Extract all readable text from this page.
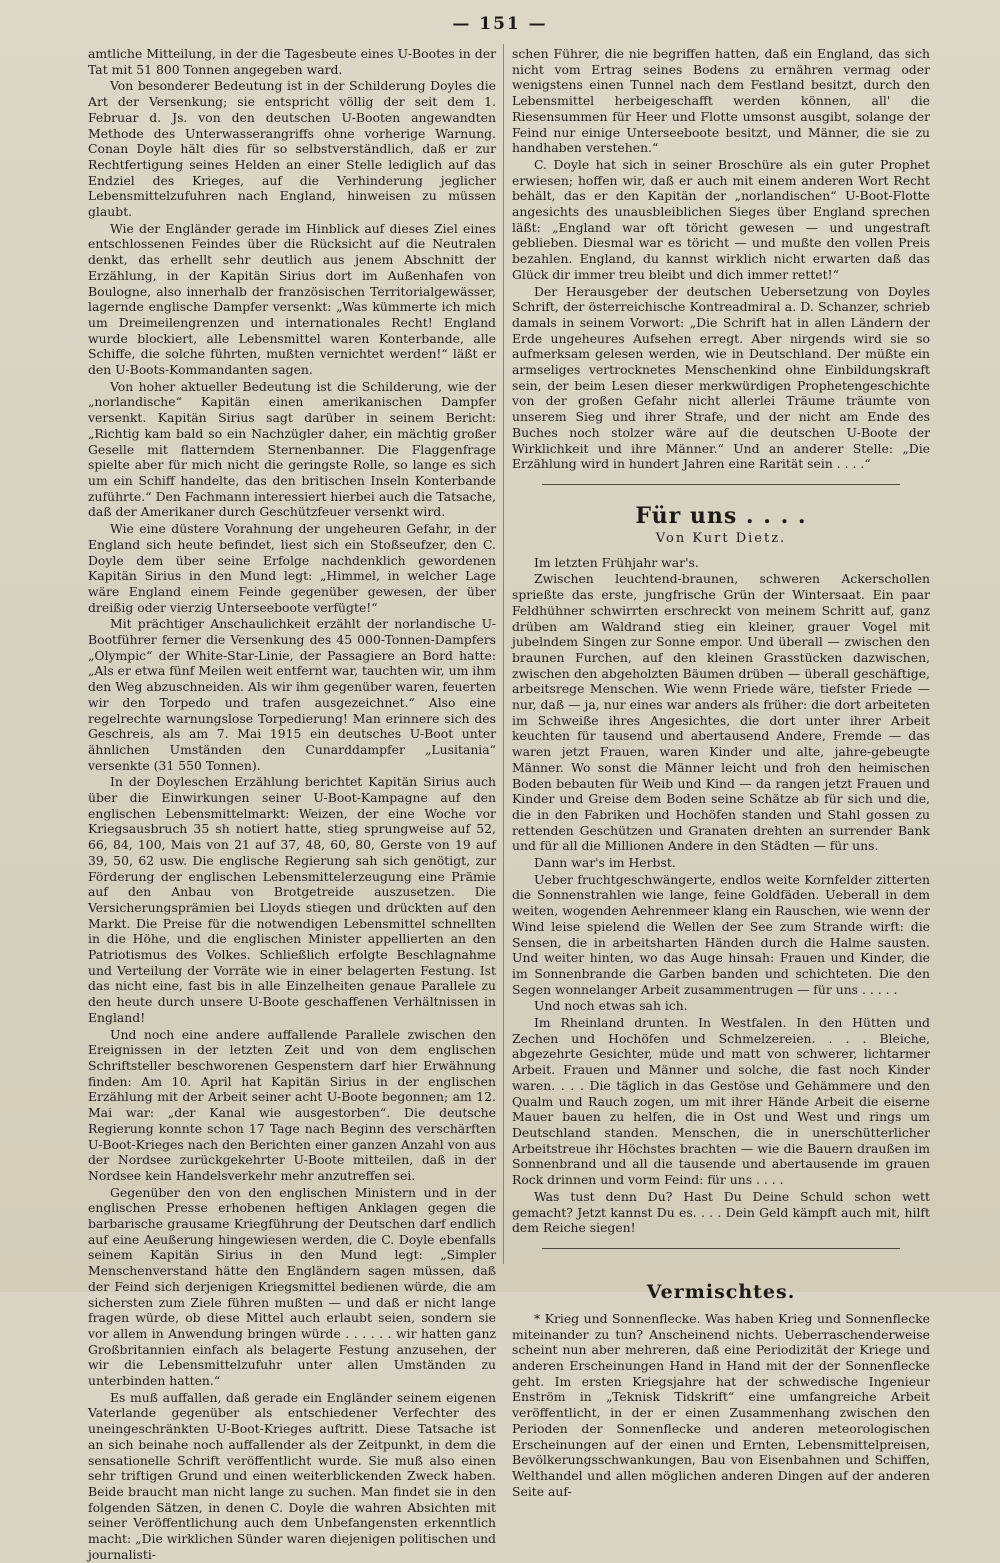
— 151 —

amtliche Mitteilung, in der die Tagesbeute eines U-Bootes in der Tat mit 51 800 Tonnen angegeben ward.

Von besonderer Bedeutung ist in der Schilderung Doyles die Art der Versenkung; sie entspricht völlig der seit dem 1. Februar d. Js. von den deutschen U-Booten angewandten Methode des Unterwasserangriffs ohne vorherige Warnung. Conan Doyle hält dies für so selbstverständlich, daß er zur Rechtfertigung seines Helden an einer Stelle lediglich auf das Endziel des Krieges, auf die Verhinderung jeglicher Lebensmittelzufuhren nach England, hinweisen zu müssen glaubt.

Wie der Engländer gerade im Hinblick auf dieses Ziel eines entschlossenen Feindes über die Rücksicht auf die Neutralen denkt, das erhellt sehr deutlich aus jenem Abschnitt der Erzählung, in der Kapitän Sirius dort im Außenhafen von Boulogne, also innerhalb der französischen Territorialgewässer, lagernde englische Dampfer versenkt: „Was kümmerte ich mich um Dreimeilengrenzen und internationales Recht! England wurde blockiert, alle Lebensmittel waren Konterbande, alle Schiffe, die solche führten, mußten vernichtet werden!“ läßt er den U-Boots-Kommandanten sagen.

Von hoher aktueller Bedeutung ist die Schilderung, wie der „norlandische“ Kapitän einen amerikanischen Dampfer versenkt. Kapitän Sirius sagt darüber in seinem Bericht: „Richtig kam bald so ein Nachzügler daher, ein mächtig großer Geselle mit flatterndem Sternenbanner. Die Flaggenfrage spielte aber für mich nicht die geringste Rolle, so lange es sich um ein Schiff handelte, das den britischen Inseln Konterbande zuführte.“ Den Fachmann interessiert hierbei auch die Tatsache, daß der Amerikaner durch Geschützfeuer versenkt wird.

Wie eine düstere Vorahnung der ungeheuren Gefahr, in der England sich heute befindet, liest sich ein Stoßseufzer, den C. Doyle dem über seine Erfolge nachdenklich gewordenen Kapitän Sirius in den Mund legt: „Himmel, in welcher Lage wäre England einem Feinde gegenüber gewesen, der über dreißig oder vierzig Unterseeboote verfügte!“

Mit prächtiger Anschaulichkeit erzählt der norlandische U-Bootführer ferner die Versenkung des 45 000-Tonnen-Dampfers „Olympic“ der White-Star-Linie, der Passagiere an Bord hatte: „Als er etwa fünf Meilen weit entfernt war, tauchten wir, um ihm den Weg abzuschneiden. Als wir ihm gegenüber waren, feuerten wir den Torpedo und trafen ausgezeichnet.“ Also eine regelrechte warnungslose Torpedierung! Man erinnere sich des Geschreis, als am 7. Mai 1915 ein deutsches U-Boot unter ähnlichen Umständen den Cunarddampfer „Lusitania“ versenkte (31 550 Tonnen).

In der Doyleschen Erzählung berichtet Kapitän Sirius auch über die Einwirkungen seiner U-Boot-Kampagne auf den englischen Lebensmittelmarkt: Weizen, der eine Woche vor Kriegsausbruch 35 sh notiert hatte, stieg sprungweise auf 52, 66, 84, 100, Mais von 21 auf 37, 48, 60, 80, Gerste von 19 auf 39, 50, 62 usw. Die englische Regierung sah sich genötigt, zur Förderung der englischen Lebensmittelerzeugung eine Prämie auf den Anbau von Brotgetreide auszusetzen. Die Versicherungsprämien bei Lloyds stiegen und drückten auf den Markt. Die Preise für die notwendigen Lebensmittel schnellten in die Höhe, und die englischen Minister appellierten an den Patriotismus des Volkes. Schließlich erfolgte Beschlagnahme und Verteilung der Vorräte wie in einer belagerten Festung. Ist das nicht eine, fast bis in alle Einzelheiten genaue Parallele zu den heute durch unsere U-Boote geschaffenen Verhältnissen in England!

Und noch eine andere auffallende Parallele zwischen den Ereignissen in der letzten Zeit und von dem englischen Schriftsteller beschworenen Gespenstern darf hier Erwähnung finden: Am 10. April hat Kapitän Sirius in der englischen Erzählung mit der Arbeit seiner acht U-Boote begonnen; am 12. Mai war: „der Kanal wie ausgestorben“. Die deutsche Regierung konnte schon 17 Tage nach Beginn des verschärften U-Boot-Krieges nach den Berichten einer ganzen Anzahl von aus der Nordsee zurückgekehrter U-Boote mitteilen, daß in der Nordsee kein Handelsverkehr mehr anzutreffen sei.

Gegenüber den von den englischen Ministern und in der englischen Presse erhobenen heftigen Anklagen gegen die barbarische grausame Kriegführung der Deutschen darf endlich auf eine Aeußerung hingewiesen werden, die C. Doyle ebenfalls seinem Kapitän Sirius in den Mund legt: „Simpler Menschenverstand hätte den Engländern sagen müssen, daß der Feind sich derjenigen Kriegsmittel bedienen würde, die am sichersten zum Ziele führen mußten — und daß er nicht lange fragen würde, ob diese Mittel auch erlaubt seien, sondern sie vor allem in Anwendung bringen würde . . . . . . wir hatten ganz Großbritannien einfach als belagerte Festung anzusehen, der wir die Lebensmittelzufuhr unter allen Umständen zu unterbinden hatten.“

Es muß auffallen, daß gerade ein Engländer seinem eigenen Vaterlande gegenüber als entschiedener Verfechter des uneingeschränkten U-Boot-Krieges auftritt. Diese Tatsache ist an sich beinahe noch auffallender als der Zeitpunkt, in dem die sensationelle Schrift veröffentlicht wurde. Sie muß also einen sehr triftigen Grund und einen weiterblickenden Zweck haben. Beide braucht man nicht lange zu suchen. Man findet sie in den folgenden Sätzen, in denen C. Doyle die wahren Absichten mit seiner Veröffentlichung auch dem Unbefangensten erkenntlich macht: „Die wirklichen Sünder waren diejenigen politischen und journalisti-

schen Führer, die nie begriffen hatten, daß ein England, das sich nicht vom Ertrag seines Bodens zu ernähren vermag oder wenigstens einen Tunnel nach dem Festland besitzt, durch den Lebensmittel herbeigeschafft werden können, all' die Riesensummen für Heer und Flotte umsonst ausgibt, solange der Feind nur einige Unterseeboote besitzt, und Männer, die sie zu handhaben verstehen.“

C. Doyle hat sich in seiner Broschüre als ein guter Prophet erwiesen; hoffen wir, daß er auch mit einem anderen Wort Recht behält, das er den Kapitän der „norlandischen“ U-Boot-Flotte angesichts des unausbleiblichen Sieges über England sprechen läßt: „England war oft töricht gewesen — und ungestraft geblieben. Diesmal war es töricht — und mußte den vollen Preis bezahlen. England, du kannst wirklich nicht erwarten daß das Glück dir immer treu bleibt und dich immer rettet!“

Der Herausgeber der deutschen Uebersetzung von Doyles Schrift, der österreichische Kontreadmiral a. D. Schanzer, schrieb damals in seinem Vorwort: „Die Schrift hat in allen Ländern der Erde ungeheures Aufsehen erregt. Aber nirgends wird sie so aufmerksam gelesen werden, wie in Deutschland. Der müßte ein armseliges vertrocknetes Menschenkind ohne Einbildungskraft sein, der beim Lesen dieser merkwürdigen Prophetengeschichte von der großen Gefahr nicht allerlei Träume träumte von unserem Sieg und ihrer Strafe, und der nicht am Ende des Buches noch stolzer wäre auf die deutschen U-Boote der Wirklichkeit und ihre Männer.“ Und an anderer Stelle: „Die Erzählung wird in hundert Jahren eine Rarität sein . . . .“

Für uns . . . .
Von Kurt Dietz.

Im letzten Frühjahr war's.

Zwischen leuchtend-braunen, schweren Ackerschollen sprießte das erste, jungfrische Grün der Wintersaat. Ein paar Feldhühner schwirrten erschreckt von meinem Schritt auf, ganz drüben am Waldrand stieg ein kleiner, grauer Vogel mit jubelndem Singen zur Sonne empor. Und überall — zwischen den braunen Furchen, auf den kleinen Grasstücken dazwischen, zwischen den abgeholzten Bäumen drüben — überall geschäftige, arbeitsrege Menschen. Wie wenn Friede wäre, tiefster Friede — nur, daß — ja, nur eines war anders als früher: die dort arbeiteten im Schweiße ihres Angesichtes, die dort unter ihrer Arbeit keuchten für tausend und abertausend Andere, Fremde — das waren jetzt Frauen, waren Kinder und alte, jahre-gebeugte Männer. Wo sonst die Männer leicht und froh den heimischen Boden bebauten für Weib und Kind — da rangen jetzt Frauen und Kinder und Greise dem Boden seine Schätze ab für sich und die, die in den Fabriken und Hochöfen standen und Stahl gossen zu rettenden Geschützen und Granaten drehten an surrender Bank und für all die Millionen Andere in den Städten — für uns.

Dann war's im Herbst.

Ueber fruchtgeschwängerte, endlos weite Kornfelder zitterten die Sonnenstrahlen wie lange, feine Goldfäden. Ueberall in dem weiten, wogenden Aehrenmeer klang ein Rauschen, wie wenn der Wind leise spielend die Wellen der See zum Strande wirft: die Sensen, die in arbeitsharten Händen durch die Halme sausten. Und weiter hinten, wo das Auge hinsah: Frauen und Kinder, die im Sonnenbrande die Garben banden und schichteten. Die den Segen wonnelanger Arbeit zusammentrugen — für uns . . . . .

Und noch etwas sah ich.

Im Rheinland drunten. In Westfalen. In den Hütten und Zechen und Hochöfen und Schmelzereien. . . . Bleiche, abgezehrte Gesichter, müde und matt von schwerer, lichtarmer Arbeit. Frauen und Männer und solche, die fast noch Kinder waren. . . . Die täglich in das Gestöse und Gehämmere und den Qualm und Rauch zogen, um mit ihrer Hände Arbeit die eiserne Mauer bauen zu helfen, die in Ost und West und rings um Deutschland standen. Menschen, die in unerschütterlicher Arbeitstreue ihr Höchstes brachten — wie die Bauern draußen im Sonnenbrand und all die tausende und abertausende im grauen Rock drinnen und vorm Feind: für uns . . . .

Was tust denn Du? Hast Du Deine Schuld schon wett gemacht? Jetzt kannst Du es. . . . Dein Geld kämpft auch mit, hilft dem Reiche siegen!

Vermischtes.

* Krieg und Sonnenflecke. Was haben Krieg und Sonnenflecke miteinander zu tun? Anscheinend nichts. Ueberraschenderweise scheint nun aber mehreren, daß eine Periodizität der Kriege und anderen Erscheinungen Hand in Hand mit der der Sonnenflecke geht. Im ersten Kriegsjahre hat der schwedische Ingenieur Enström in „Teknisk Tidskrift“ eine umfangreiche Arbeit veröffentlicht, in der er einen Zusammenhang zwischen den Perioden der Sonnenflecke und anderen meteorologischen Erscheinungen auf der einen und Ernten, Lebensmittelpreisen, Bevölkerungsschwankungen, Bau von Eisenbahnen und Schiffen, Welthandel und allen möglichen anderen Dingen auf der anderen Seite auf-
